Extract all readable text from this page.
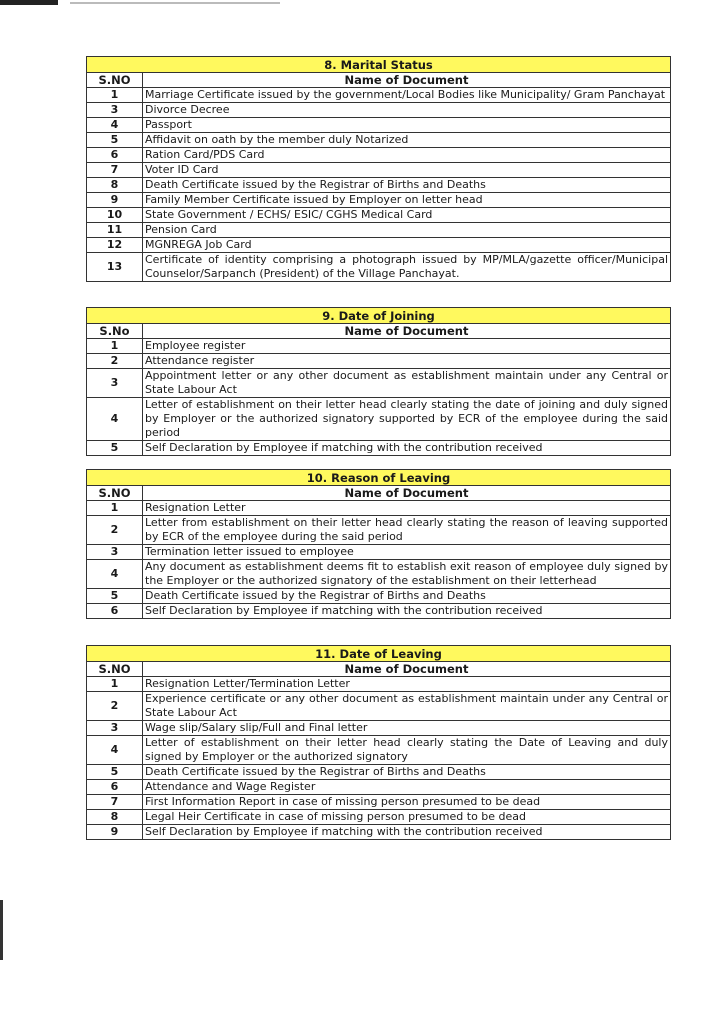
8. Marital Status	
S.NO	Name of Document
1	Marriage Certificate issued by the government/Local Bodies like Municipality/ Gram Panchayat
3	Divorce Decree
4	Passport
5	Affidavit on oath by the member duly Notarized
6	Ration Card/PDS Card
7	Voter ID Card
8	Death Certificate issued by the Registrar of Births and Deaths
9	Family Member Certificate issued by Employer on letter head
10	State Government / ECHS/ ESIC/ CGHS Medical Card
11	Pension Card
12	MGNREGA Job Card
13	Certificate of identity comprising a photograph issued by MP/MLA/gazette officer/Municipal Counselor/Sarpanch (President) of the Village Panchayat.
9. Date of Joining	
S.No	Name of Document
1	Employee register
2	Attendance register
3	Appointment letter or any other document as establishment maintain under any Central or State Labour Act
4	Letter of establishment on their letter head clearly stating the date of joining and duly signed by Employer or the authorized signatory supported by ECR of the employee during the said period
5	Self Declaration by Employee if matching with the contribution received
10. Reason of Leaving	
S.NO	Name of Document
1	Resignation Letter
2	Letter from establishment on their letter head clearly stating the reason of leaving supported by ECR of the employee during the said period
3	Termination letter issued to employee
4	Any document as establishment deems fit to establish exit reason of employee duly signed by the Employer or the authorized signatory of the establishment on their letterhead
5	Death Certificate issued by the Registrar of Births and Deaths
6	Self Declaration by Employee if matching with the contribution received
11. Date of Leaving	
S.NO	Name of Document
1	Resignation Letter/Termination Letter
2	Experience certificate or any other document as establishment maintain under any Central or State Labour Act
3	Wage slip/Salary slip/Full and Final letter
4	Letter of establishment on their letter head clearly stating the Date of Leaving and duly signed by Employer or the authorized signatory
5	Death Certificate issued by the Registrar of Births and Deaths
6	Attendance and Wage Register
7	First Information Report in case of missing person presumed to be dead
8	Legal Heir Certificate in case of missing person presumed to be dead
9	Self Declaration by Employee if matching with the contribution received
